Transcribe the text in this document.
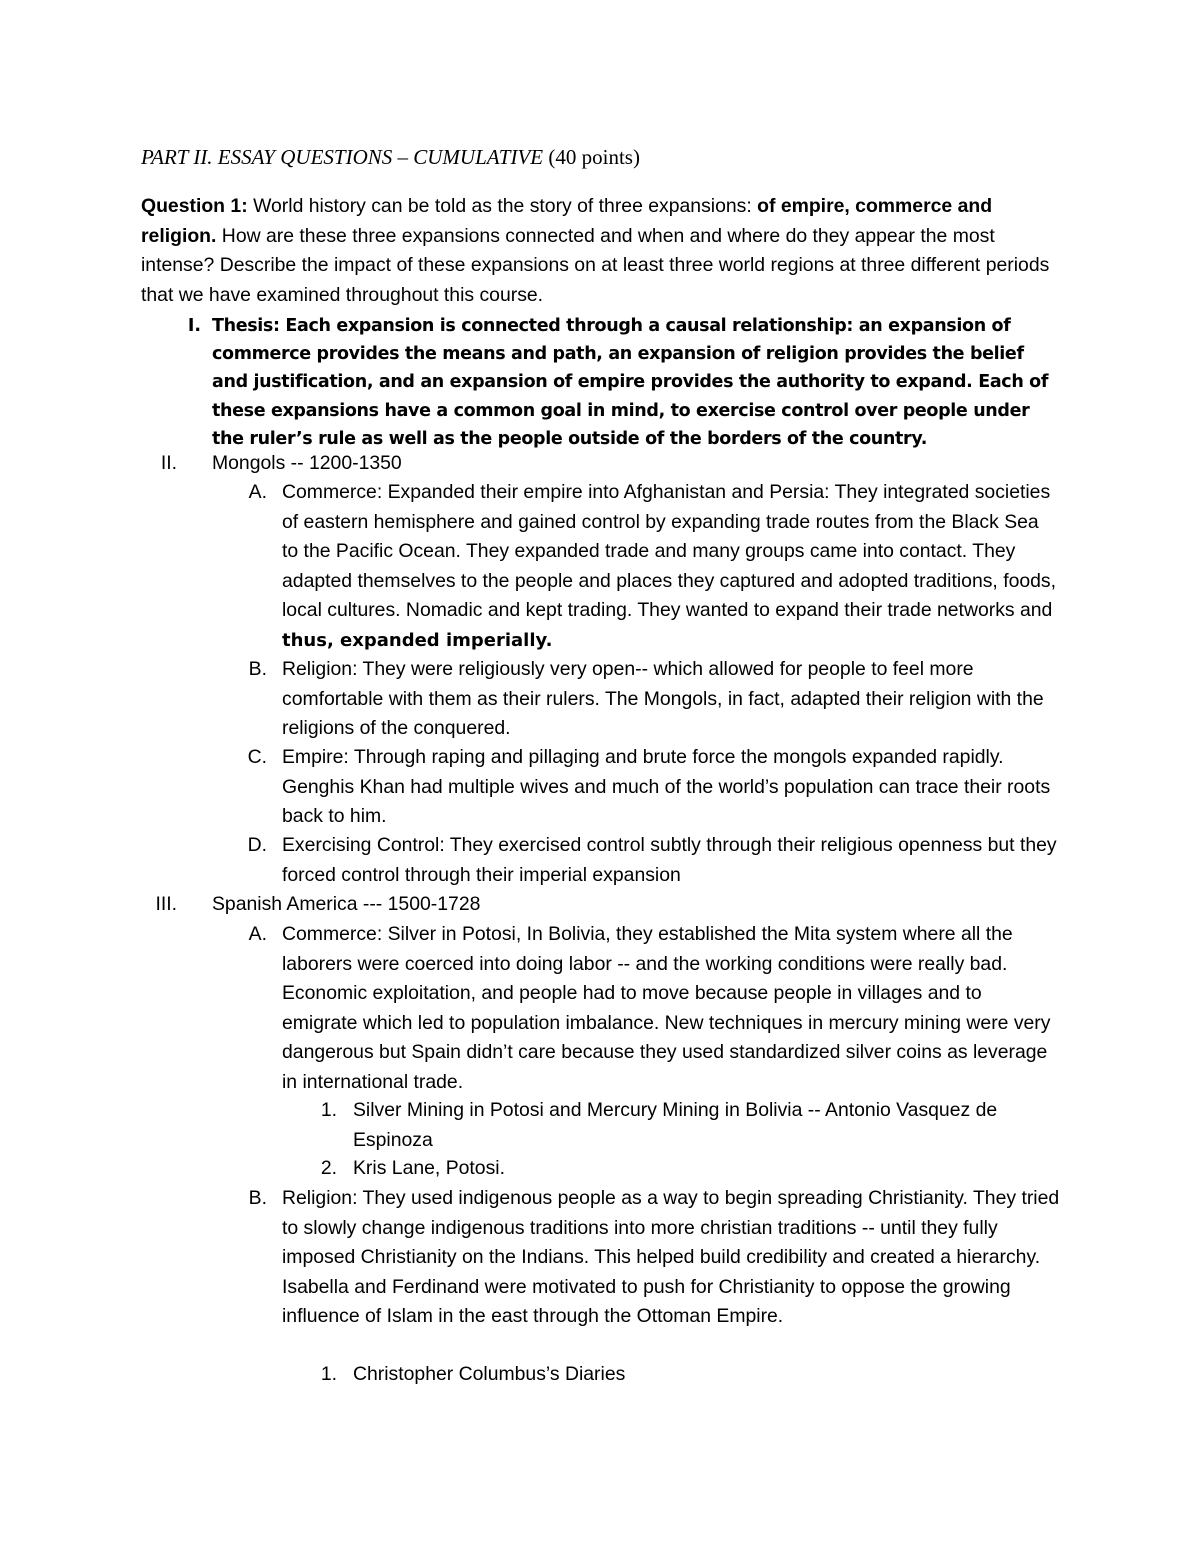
PART II. ESSAY QUESTIONS – CUMULATIVE (40 points)
Question 1: World history can be told as the story of three expansions: of empire, commerce and religion. How are these three expansions connected and when and where do they appear the most intense? Describe the impact of these expansions on at least three world regions at three different periods that we have examined throughout this course.
I. Thesis: Each expansion is connected through a causal relationship: an expansion of commerce provides the means and path, an expansion of religion provides the belief and justification, and an expansion of empire provides the authority to expand. Each of these expansions have a common goal in mind, to exercise control over people under the ruler’s rule as well as the people outside of the borders of the country.
II. Mongols -- 1200-1350
A. Commerce: Expanded their empire into Afghanistan and Persia: They integrated societies of eastern hemisphere and gained control by expanding trade routes from the Black Sea to the Pacific Ocean. They expanded trade and many groups came into contact. They adapted themselves to the people and places they captured and adopted traditions, foods, local cultures. Nomadic and kept trading. They wanted to expand their trade networks and thus, expanded imperially.
B. Religion: They were religiously very open-- which allowed for people to feel more comfortable with them as their rulers. The Mongols, in fact, adapted their religion with the religions of the conquered.
C. Empire: Through raping and pillaging and brute force the mongols expanded rapidly. Genghis Khan had multiple wives and much of the world’s population can trace their roots back to him.
D. Exercising Control: They exercised control subtly through their religious openness but they forced control through their imperial expansion
III. Spanish America --- 1500-1728
A. Commerce: Silver in Potosi, In Bolivia, they established the Mita system where all the laborers were coerced into doing labor -- and the working conditions were really bad. Economic exploitation, and people had to move because people in villages and to emigrate which led to population imbalance. New techniques in mercury mining were very dangerous but Spain didn’t care because they used standardized silver coins as leverage in international trade.
1. Silver Mining in Potosi and Mercury Mining in Bolivia -- Antonio Vasquez de Espinoza
2. Kris Lane, Potosi.
B. Religion: They used indigenous people as a way to begin spreading Christianity. They tried to slowly change indigenous traditions into more christian traditions -- until they fully imposed Christianity on the Indians. This helped build credibility and created a hierarchy. Isabella and Ferdinand were motivated to push for Christianity to oppose the growing influence of Islam in the east through the Ottoman Empire.
1. Christopher Columbus’s Diaries
